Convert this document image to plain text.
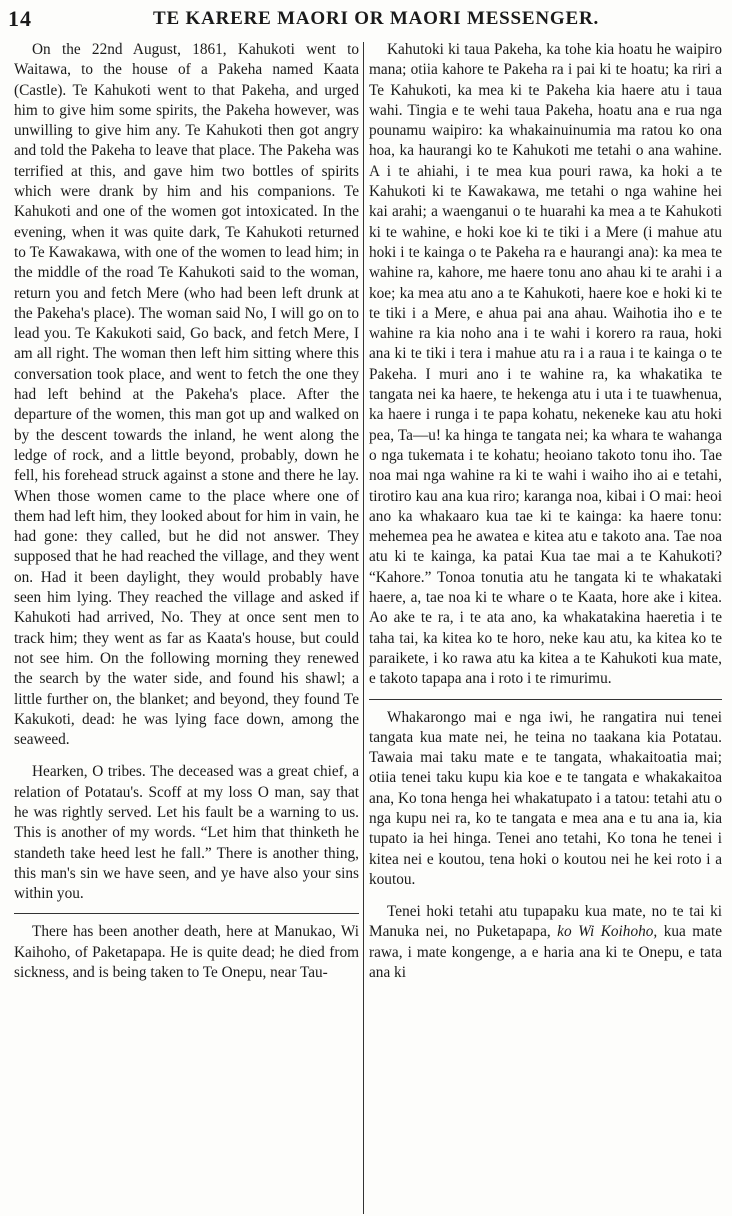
14	TE KARERE MAORI OR MAORI MESSENGER.

On the 22nd August, 1861, Kahukoti went to Waitawa, to the house of a Pakeha named Kaata (Castle). Te Kahukoti went to that Pakeha, and urged him to give him some spirits, the Pakeha however, was unwilling to give him any. Te Kahukoti then got angry and told the Pakeha to leave that place. The Pakeha was terrified at this, and gave him two bottles of spirits which were drank by him and his companions. Te Kahukoti and one of the women got intoxicated. In the evening, when it was quite dark, Te Kahukoti returned to Te Kawakawa, with one of the women to lead him; in the middle of the road Te Kahukoti said to the woman, return you and fetch Mere (who had been left drunk at the Pakeha's place). The woman said No, I will go on to lead you. Te Kakukoti said, Go back, and fetch Mere, I am all right. The woman then left him sitting where this conversation took place, and went to fetch the one they had left behind at the Pakeha's place. After the departure of the women, this man got up and walked on by the descent towards the inland, he went along the ledge of rock, and a little beyond, probably, down he fell, his forehead struck against a stone and there he lay. When those women came to the place where one of them had left him, they looked about for him in vain, he had gone: they called, but he did not answer. They supposed that he had reached the village, and they went on. Had it been daylight, they would probably have seen him lying. They reached the village and asked if Kahukoti had arrived, No. They at once sent men to track him; they went as far as Kaata's house, but could not see him. On the following morning they renewed the search by the water side, and found his shawl; a little further on, the blanket; and beyond, they found Te Kakukoti, dead: he was lying face down, among the seaweed.

Hearken, O tribes. The deceased was a great chief, a relation of Potatau's. Scoff at my loss O man, say that he was rightly served. Let his fault be a warning to us. This is another of my words. “Let him that thinketh he standeth take heed lest he fall.” There is another thing, this man's sin we have seen, and ye have also your sins within you.

There has been another death, here at Manukao, Wi Kaihoho, of Paketapapa. He is quite dead; he died from sickness, and is being taken to Te Onepu, near Tau-

Kahutoki ki taua Pakeha, ka tohe kia hoatu he waipiro mana; otiia kahore te Pakeha ra i pai ki te hoatu; ka riri a Te Kahukoti, ka mea ki te Pakeha kia haere atu i taua wahi. Tingia e te wehi taua Pakeha, hoatu ana e rua nga pounamu waipiro: ka whakainuinumia ma ratou ko ona hoa, ka haurangi ko te Kahukoti me tetahi o ana wahine. A i te ahiahi, i te mea kua pouri rawa, ka hoki a te Kahukoti ki te Kawakawa, me tetahi o nga wahine hei kai arahi; a waenganui o te huarahi ka mea a te Kahukoti ki te wahine, e hoki koe ki te tiki i a Mere (i mahue atu hoki i te kainga o te Pakeha ra e haurangi ana): ka mea te wahine ra, kahore, me haere tonu ano ahau ki te arahi i a koe; ka mea atu ano a te Kahukoti, haere koe e hoki ki te te tiki i a Mere, e ahua pai ana ahau. Waihotia iho e te wahine ra kia noho ana i te wahi i korero ra raua, hoki ana ki te tiki i tera i mahue atu ra i a raua i te kainga o te Pakeha. I muri ano i te wahine ra, ka whakatika te tangata nei ka haere, te hekenga atu i uta i te tuawhenua, ka haere i runga i te papa kohatu, nekeneke kau atu hoki pea, Ta—u! ka hinga te tangata nei; ka whara te wahanga o nga tukemata i te kohatu; heoiano takoto tonu iho. Tae noa mai nga wahine ra ki te wahi i waiho iho ai e tetahi, tirotiro kau ana kua riro; karanga noa, kibai i O mai: heoi ano ka whakaaro kua tae ki te kainga: ka haere tonu: mehemea pea he awatea e kitea atu e takoto ana. Tae noa atu ki te kainga, ka patai Kua tae mai a te Kahukoti? “Kahore.” Tonoa tonutia atu he tangata ki te whakataki haere, a, tae noa ki te whare o te Kaata, hore ake i kitea. Ao ake te ra, i te ata ano, ka whakatakina haeretia i te taha tai, ka kitea ko te horo, neke kau atu, ka kitea ko te paraikete, i ko rawa atu ka kitea a te Kahukoti kua mate, e takoto tapapa ana i roto i te rimurimu.

Whakarongo mai e nga iwi, he rangatira nui tenei tangata kua mate nei, he teina no taakana kia Potatau. Tawaia mai taku mate e te tangata, whakaitoatia mai; otiia tenei taku kupu kia koe e te tangata e whakakaitoa ana, Ko tona henga hei whakatupato i a tatou: tetahi atu o nga kupu nei ra, ko te tangata e mea ana e tu ana ia, kia tupato ia hei hinga. Tenei ano tetahi, Ko tona he tenei i kitea nei e koutou, tena hoki o koutou nei he kei roto i a koutou.

Tenei hoki tetahi atu tupapaku kua mate, no te tai ki Manuka nei, no Puketapapa, ko Wi Koihoho, kua mate rawa, i mate kongenge, a e haria ana ki te Onepu, e tata ana ki
